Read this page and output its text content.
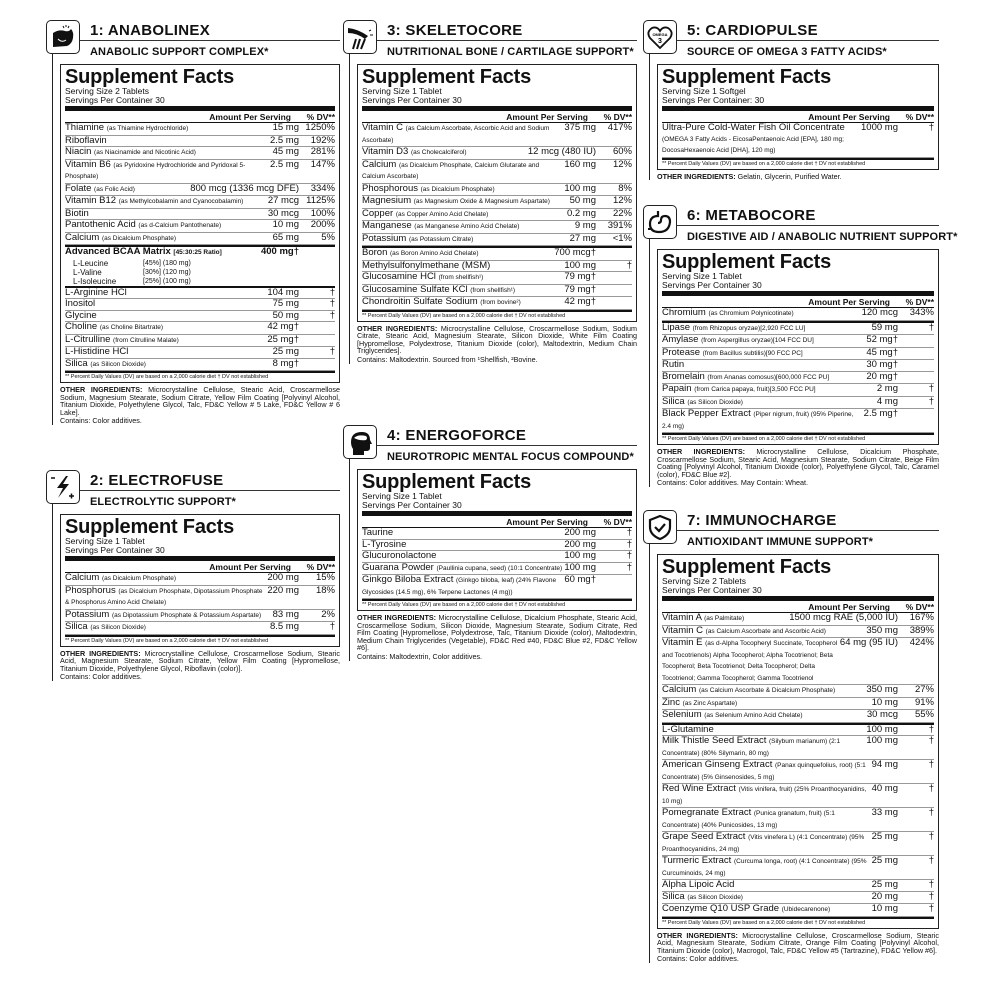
1: ANABOLINEX
ANABOLIC SUPPORT COMPLEX*
Supplement Facts
Serving Size 2 Tablets
Servings Per Container 30
Amount Per Serving	% DV**
Thiamine (as Thiamine Hydrochloride)	15 mg 1250%
Riboflavin	2.5 mg	192%
Niacin (as Niacinamide and Nicotinic Acid)	45 mg	281%
Vitamin B6 (as Pyridoxine Hydrochloride and Pyridoxal 5-Phosphate)
2.5 mg	147%
Folate (as Folic Acid)	800 mcg (1336 mcg DFE)	334%
Vitamin B12 (as Methylcobalamin and Cyanocobalamin)	27 mcg 1125%
Biotin	30 mcg	100%
Pantothenic Acid (as d-Calcium Pantothenate)	10 mg	200%
Calcium (as Dicalcium Phosphate)	65 mg	5%
Advanced BCAA Matrix [45:30:25 Ratio]	400 mg†
L-Leucine	[45%] (180 mg)
L-Valine	[30%] (120 mg)
L-Isoleucine	[25%] (100 mg)
L-Arginine HCl	104 mg	†
Inositol	75 mg	†
Glycine	50 mg	†
Choline (as Choline Bitartrate)	42 mg†
L-Citrulline (from Citrulline Malate)	25 mg†
L-Histidine HCl	25 mg	†
Silica (as Silicon Dioxide)	8 mg†
** Percent Daily Values (DV) are based on a 2,000 calorie diet † DV not established
OTHER INGREDIENTS: Microcrystalline Cellulose, Stearic Acid, Croscarmellose Sodium, Magnesium Stearate, Sodium Citrate, Yellow Film Coating [Polyvinyl Alcohol, Titanium Dioxide, Polyethylene Glycol, Talc, FD&C Yellow # 5 Lake, FD&C Yellow # 6 Lake].
Contains: Color additives.
2: ELECTROFUSE
ELECTROLYTIC SUPPORT*
Supplement Facts
Serving Size 1 Tablet
Servings Per Container 30
Amount Per Serving	% DV**
Calcium (as Dicalcium Phosphate)	200 mg	15%
Phosphorus (as Dicalcium Phosphate, Dipotassium Phosphate & Phosphorus Amino Acid Chelate)
220 mg	18%
Potassium (as Dipotassium Phosphate & Potassium Aspartate)	83 mg	2%
Silica (as Silicon Dioxide)	8.5 mg	†
** Percent Daily Values (DV) are based on a 2,000 calorie diet † DV not established
OTHER INGREDIENTS: Microcrystalline Cellulose, Croscarmellose Sodium, Stearic Acid, Magnesium Stearate, Sodium Citrate, Yellow Film Coating [Hypromellose, Titanium Dioxide, Polyethylene Glycol, Riboflavin (color)].
Contains: Color additives.
3: SKELETOCORE
NUTRITIONAL BONE / CARTILAGE SUPPORT*
Supplement Facts
Serving Size 1 Tablet
Servings Per Container 30
Amount Per Serving	% DV**
Vitamin C (as Calcium Ascorbate, Ascorbic Acid and Sodium Ascorbate)
375 mg	417%
Vitamin D3 (as Cholecalciferol)	12 mcg (480 IU)	60%
Calcium (as Dicalcium Phosphate, Calcium Glutarate and Calcium Ascorbate)
160 mg	12%
Phosphorous (as Dicalcium Phosphate)	100 mg	8%
Magnesium (as Magnesium Oxide & Magnesium Aspartate)	50 mg	12%
Copper (as Copper Amino Acid Chelate)	0.2 mg	22%
Manganese (as Manganese Amino Acid Chelate)	9 mg	391%
Potassium (as Potassium Citrate)	27 mg	<1%
Boron (as Boron Amino Acid Chelate)	700 mcg†
Methylsulfonylmethane (MSM)	100 mg	†
Glucosamine HCl (from shellfish¹)	79 mg†
Glucosamine Sulfate KCl (from shellfish¹)	79 mg†
Chondroitin Sulfate Sodium (from bovine²)	42 mg†
** Percent Daily Values (DV) are based on a 2,000 calorie diet † DV not established
OTHER INGREDIENTS: Microcrystalline Cellulose, Croscarmellose Sodium, Sodium Citrate, Stearic Acid, Magnesium Stearate, Silicon Dioxide, White Film Coating [Hypromellose, Polydextrose, Titanium Dioxide (color), Maltodextrin, Medium Chain Triglycerides].
Contains: Maltodextrin. Sourced from ¹Shellfish, ²Bovine.
4: ENERGOFORCE
NEUROTROPIC MENTAL FOCUS COMPOUND*
Supplement Facts
Serving Size 1 Tablet
Servings Per Container 30
Amount Per Serving	% DV**
Taurine	200 mg	†
L-Tyrosine	200 mg	†
Glucuronolactone	100 mg	†
Guarana Powder (Paullinia cupana, seed) (10:1 Concentrate) 100 mg	†
Ginkgo Biloba Extract (Ginkgo biloba, leaf) (24% Flavone Glycosides (14.5 mg), 6% Terpene Lactones (4 mg))
60 mg†
** Percent Daily Values (DV) are based on a 2,000 calorie diet † DV not established
OTHER INGREDIENTS: Microcrystalline Cellulose, Dicalcium Phosphate, Stearic Acid, Croscarmellose Sodium, Silicon Dioxide, Magnesium Stearate, Sodium Citrate, Red Film Coating [Hypromellose, Polydextrose, Talc, Titanium Dioxide (color), Maltodextrin, Medium Chain Triglycerides (Vegetable), FD&C Red #40, FD&C Blue #2, FD&C Yellow #6].
Contains: Maltodextrin, Color additives.
OMEGA
3
5: CARDIOPULSE
SOURCE OF OMEGA 3 FATTY ACIDS*
Supplement Facts
Serving Size 1 Softgel
Servings Per Container: 30
Amount Per Serving	% DV**
Ultra-Pure Cold-Water Fish Oil Concentrate (OMEGA 3 Fatty Acids - EicosaPentaenoic Acid [EPA], 180 mg; DocosaHexaenoic Acid [DHA], 120 mg)
1000 mg	†
** Percent Daily Values (DV) are based on a 2,000 calorie diet † DV not established
OTHER INGREDIENTS: Gelatin, Glycerin, Purified Water.
6: METABOCORE
DIGESTIVE AID / ANABOLIC NUTRIENT SUPPORT*
Supplement Facts
Serving Size 1 Tablet
Servings Per Container 30
Amount Per Serving	% DV**
Chromium (as Chromium Polynicotinate)	120 mcg	343%
Lipase (from Rhizopus oryzae)[2,920 FCC LU]	59 mg	†
Amylase (from Aspergillus oryzae)[104 FCC DU]	52 mg†
Protease (from Bacillus subtilis)[90 FCC PC]	45 mg†
Rutin	30 mg†
Bromelain (from Ananas comosus)[600,000 FCC PU]	20 mg†
Papain (from Carica papaya, fruit)[3,500 FCC PU]	2 mg	†
Silica (as Silicon Dioxide)	4 mg	†
Black Pepper Extract (Piper nigrum, fruit) (95% Piperine, 2.4 mg)
2.5 mg†
** Percent Daily Values (DV) are based on a 2,000 calorie diet † DV not established
OTHER INGREDIENTS: Microcrystalline Cellulose, Dicalcium Phosphate, Croscarmellose Sodium, Stearic Acid, Magnesium Stearate, Sodium Citrate, Beige Film Coating [Polyvinyl Alcohol, Titanium Dioxide (color), Polyethylene Glycol, Talc, Caramel (color), FD&C Blue #2].
Contains: Color additives. May Contain: Wheat.
7: IMMUNOCHARGE
ANTIOXIDANT IMMUNE SUPPORT*
Supplement Facts
Serving Size 2 Tablets
Servings Per Container 30
Amount Per Serving	% DV**
Vitamin A (as Palmitate)	1500 mcg RAE (5,000 IU)	167%
Vitamin C (as Calcium Ascorbate and Ascorbic Acid)	350 mg	389%
Vitamin E (as d-Alpha Tocopheryl Succinate, Tocopherol and Tocotrienols) Alpha Tocopherol; Alpha Tocotrienol; Beta Tocopherol; Beta Tocotrienol; Delta Tocopherol; Delta Tocotrienol; Gamma Tocopherol; Gamma Tocotrienol
64 mg (95 IU)	424%
Calcium (as Calcium Ascorbate & Dicalcium Phosphate)	350 mg	27%
Zinc (as Zinc Aspartate)	10 mg	91%
Selenium (as Selenium Amino Acid Chelate)	30 mcg	55%
L-Glutamine	100 mg	†
Milk Thistle Seed Extract (Silybum marianum) (2:1 Concentrate) (80% Silymarin, 80 mg)
100 mg	†
American Ginseng Extract (Panax quinquefolius, root) (5:1 Concentrate) (5% Ginsenosides, 5 mg)
94 mg	†
Red Wine Extract (Vitis vinifera, fruit) (25% Proanthocyanidins, 10 mg)
40 mg	†
Pomegranate Extract (Punica granatum, fruit) (5:1 Concentrate) (40% Punicosides, 13 mg)
33 mg	†
Grape Seed Extract (Vitis vinefera L) (4:1 Concentrate) (95% Proanthocyanidins, 24 mg)
25 mg	†
Turmeric Extract (Curcuma longa, root) (4:1 Concentrate) (95% Curcuminoids, 24 mg)
25 mg	†
Alpha Lipoic Acid	25 mg	†
Silica (as Silicon Dioxide)	20 mg	†
Coenzyme Q10 USP Grade (Ubidecarenone)	10 mg	†
** Percent Daily Values (DV) are based on a 2,000 calorie diet † DV not established
OTHER INGREDIENTS: Microcrystalline Cellulose, Croscarmellose Sodium, Stearic Acid, Magnesium Stearate, Sodium Citrate, Orange Film Coating [Polyvinyl Alcohol, Titanium Dioxide (color), Macrogol, Talc, FD&C Yellow #5 (Tartrazine), FD&C Yellow #6].
Contains: Color additives.
